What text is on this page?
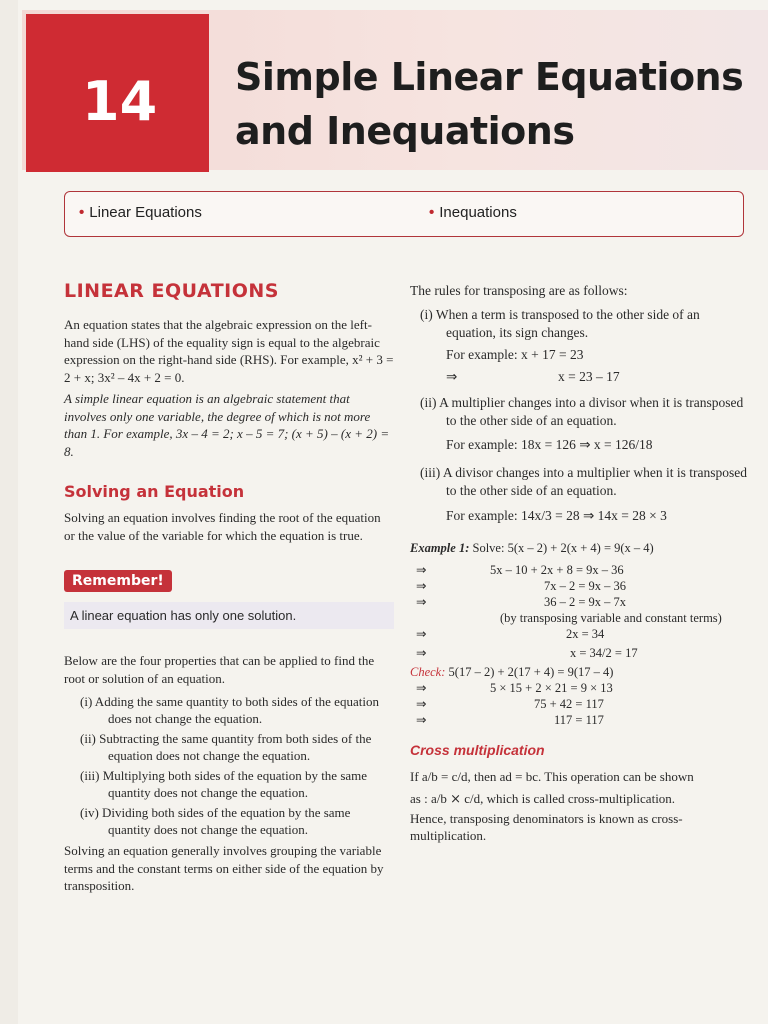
14 Simple Linear Equations
and Inequations
• Linear Equations	• Inequations
LINEAR EQUATIONS

An equation states that the algebraic expression on the left-hand side (LHS) of the equality sign is equal to the algebraic expression on the right-hand side (RHS). For example, x² + 3 = 2 + x; 3x² – 4x + 2 = 0.

A simple linear equation is an algebraic statement that involves only one variable, the degree of which is not more than 1. For example, 3x – 4 = 2; x – 5 = 7; (x + 5) – (x + 2) = 8.

Solving an Equation

Solving an equation involves finding the root of the equation or the value of the variable for which the equation is true.

Remember!
A linear equation has only one solution.

Below are the four properties that can be applied to find the root or solution of an equation.

(i) Adding the same quantity to both sides of the equation does not change the equation.
(ii) Subtracting the same quantity from both sides of the equation does not change the equation.
(iii) Multiplying both sides of the equation by the same quantity does not change the equation.
(iv) Dividing both sides of the equation by the same quantity does not change the equation.

Solving an equation generally involves grouping the variable terms and the constant terms on either side of the equation by transposition.

The rules for transposing are as follows:
(i) When a term is transposed to the other side of an equation, its sign changes.
For example: x + 17 = 23
⇒	x = 23 – 17
(ii) A multiplier changes into a divisor when it is transposed to the other side of an equation.
For example: 18x = 126 ⇒ x = 126/18
(iii) A divisor changes into a multiplier when it is transposed to the other side of an equation.
For example: 14x/3 = 28 ⇒ 14x = 28 × 3
Example 1: Solve: 5(x – 2) + 2(x + 4) = 9(x – 4)
⇒	5x – 10 + 2x + 8 = 9x – 36
⇒	7x – 2 = 9x – 36
⇒	36 – 2 = 9x – 7x
(by transposing variable and constant terms)
⇒	2x = 34
⇒	x = 34/2 = 17
Check: 5(17 – 2) + 2(17 + 4) = 9(17 – 4)
⇒	5 × 15 + 2 × 21 = 9 × 13
⇒	75 + 42 = 117
⇒	117 = 117
Cross multiplication

If a/b = c/d, then ad = bc. This operation can be shown

as : a/b ⨯ c/d, which is called cross-multiplication.

Hence, transposing denominators is known as cross-multiplication.
